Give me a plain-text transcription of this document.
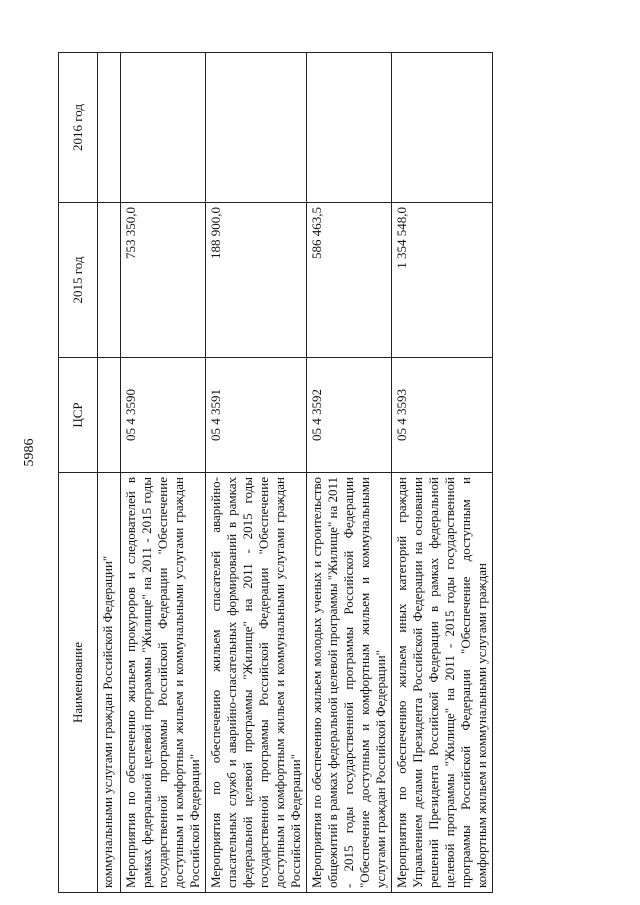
5986
Наименование	ЦСР	2015 год	2016 год
коммунальными услугами граждан Российской Федерации"			
Мероприятия по обеспечению жильем прокуроров и следователей в рамках федеральной целевой программы "Жилище" на 2011 - 2015 годы государственной программы Российской Федерации "Обеспечение доступным и комфортным жильем и коммунальными услугами граждан Российской Федерации"	05 4 3590	753 350,0	
Мероприятия по обеспечению жильем спасателей аварийно-спасательных служб и аварийно-спасательных формирований в рамках федеральной целевой программы "Жилище" на 2011 - 2015 годы государственной программы Российской Федерации "Обеспечение доступным и комфортным жильем и коммунальными услугами граждан Российской Федерации"	05 4 3591	188 900,0	
Мероприятия по обеспечению жильем молодых ученых и строительство общежитий в рамках федеральной целевой программы "Жилище" на 2011 - 2015 годы государственной программы Российской Федерации "Обеспечение доступным и комфортным жильем и коммунальными услугами граждан Российской Федерации"	05 4 3592	586 463,5	
Мероприятия по обеспечению жильем иных категорий граждан Управлением делами Президента Российской Федерации на основании решений Президента Российской Федерации в рамках федеральной целевой программы "Жилище" на 2011 - 2015 годы государственной программы Российской Федерации "Обеспечение доступным и комфортным жильем и коммунальными услугами граждан	05 4 3593	1 354 548,0	
